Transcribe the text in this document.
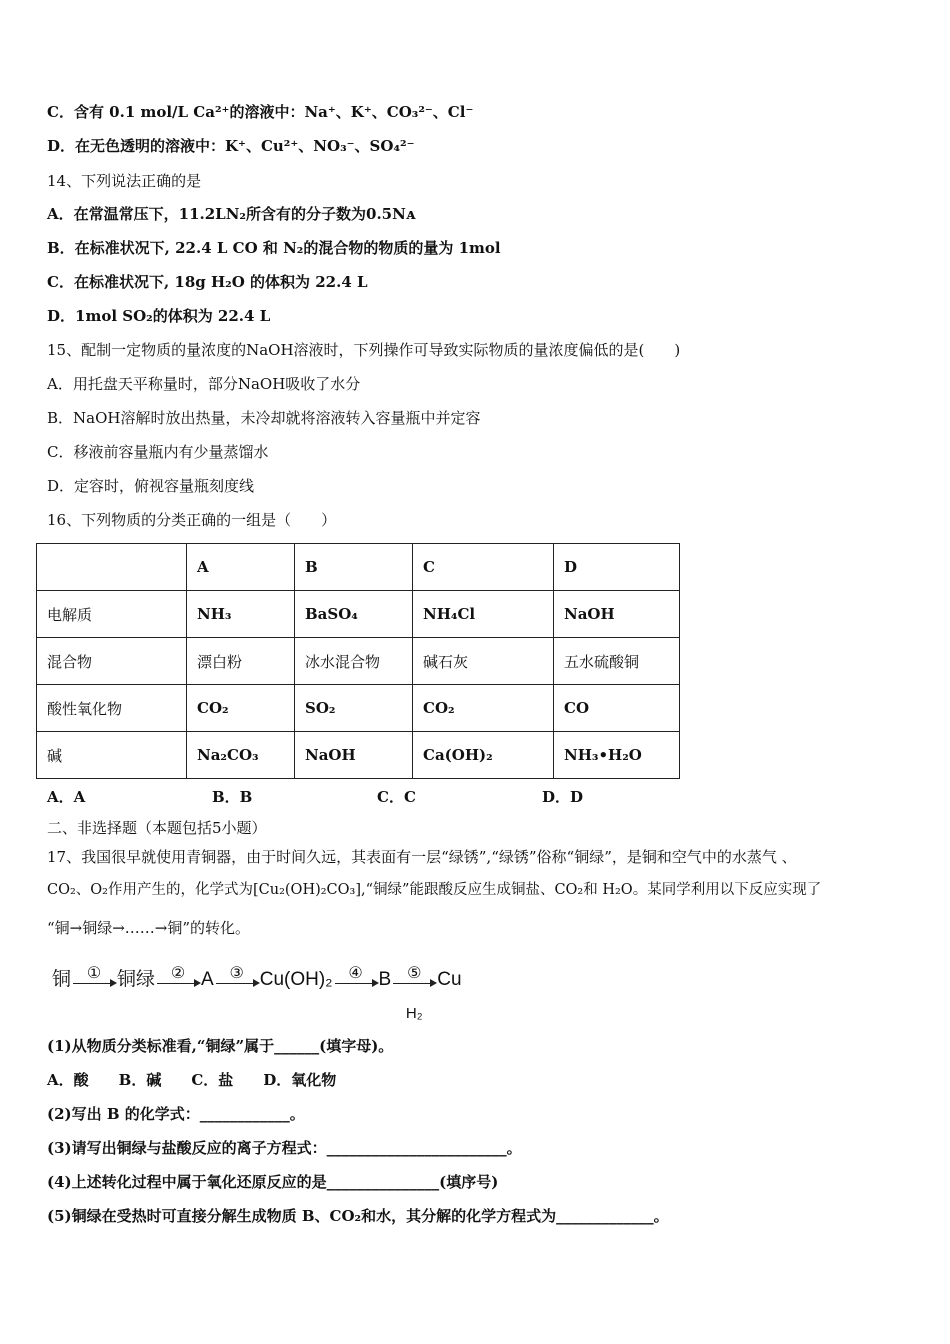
C．含有 0.1 mol/L Ca²⁺的溶液中：Na⁺、K⁺、CO₃²⁻、Cl⁻
D．在无色透明的溶液中：K⁺、Cu²⁺、NO₃⁻、SO₄²⁻
14、下列说法正确的是
A．在常温常压下，11.2LN₂所含有的分子数为0.5Nᴀ
B．在标准状况下, 22.4 L CO 和 N₂的混合物的物质的量为 1mol
C．在标准状况下, 18g H₂O 的体积为 22.4 L
D．1mol SO₂的体积为 22.4 L
15、配制一定物质的量浓度的NaOH溶液时，下列操作可导致实际物质的量浓度偏低的是(　　)
A．用托盘天平称量时，部分NaOH吸收了水分
B．NaOH溶解时放出热量，未冷却就将溶液转入容量瓶中并定容
C．移液前容量瓶内有少量蒸馏水
D．定容时，俯视容量瓶刻度线
16、下列物质的分类正确的一组是（　　）
	A	B	C	D
电解质	NH₃	BaSO₄	NH₄Cl	NaOH
混合物	漂白粉	冰水混合物	碱石灰	五水硫酸铜
酸性氧化物	CO₂	SO₂	CO₂	CO
碱	Na₂CO₃	NaOH	Ca(OH)₂	NH₃•H₂O
A．A	B．B	C．C	D．D
二、非选择题（本题包括5小题）
17、我国很早就使用青铜器，由于时间久远，其表面有一层“绿锈”,“绿锈”俗称“铜绿”，是铜和空气中的水蒸气 、
CO₂、O₂作用产生的，化学式为[Cu₂(OH)₂CO₃],“铜绿”能跟酸反应生成铜盐、CO₂和 H₂O。某同学利用以下反应实现了
“铜→铜绿→……→铜”的转化。
铜 ① 铜绿 ② A ③ Cu(OH)₂ ④ B ⑤
H₂
Cu
(1)从物质分类标准看,“铜绿”属于______(填字母)。
A．酸　　B．碱　　C．盐　　D．氧化物
(2)写出 B 的化学式：____________。
(3)请写出铜绿与盐酸反应的离子方程式：________________________。
(4)上述转化过程中属于氧化还原反应的是_______________(填序号)
(5)铜绿在受热时可直接分解生成物质 B、CO₂和水，其分解的化学方程式为_____________。
